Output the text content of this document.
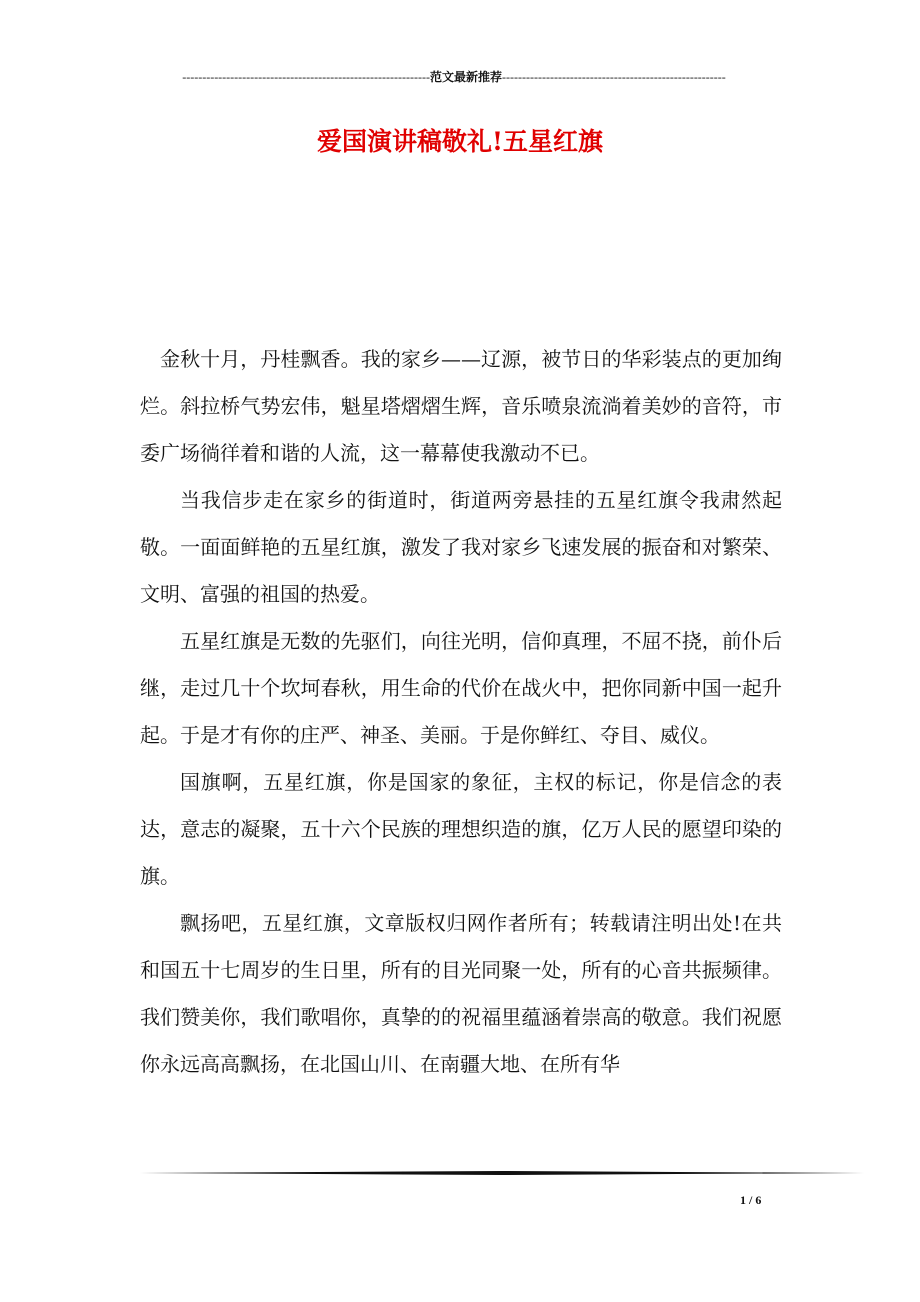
--------------------------------------------------------------范文最新推荐--------------------------------------------------------
爱国演讲稿敬礼!五星红旗

金秋十月，丹桂飘香。我的家乡——辽源，被节日的华彩装点的更加绚烂。斜拉桥气势宏伟，魁星塔熠熠生辉，音乐喷泉流淌着美妙的音符，市委广场徜徉着和谐的人流，这一幕幕使我激动不已。

当我信步走在家乡的街道时，街道两旁悬挂的五星红旗令我肃然起敬。一面面鲜艳的五星红旗，激发了我对家乡飞速发展的振奋和对繁荣、文明、富强的祖国的热爱。

五星红旗是无数的先驱们，向往光明，信仰真理，不屈不挠，前仆后继，走过几十个坎坷春秋，用生命的代价在战火中，把你同新中国一起升起。于是才有你的庄严、神圣、美丽。于是你鲜红、夺目、威仪。

国旗啊，五星红旗，你是国家的象征，主权的标记，你是信念的表达，意志的凝聚，五十六个民族的理想织造的旗，亿万人民的愿望印染的旗。

飘扬吧，五星红旗，文章版权归网作者所有；转载请注明出处!在共和国五十七周岁的生日里，所有的目光同聚一处，所有的心音共振频律。我们赞美你，我们歌唱你，真挚的的祝福里蕴涵着崇高的敬意。我们祝愿你永远高高飘扬，在北国山川、在南疆大地、在所有华

1 / 6
